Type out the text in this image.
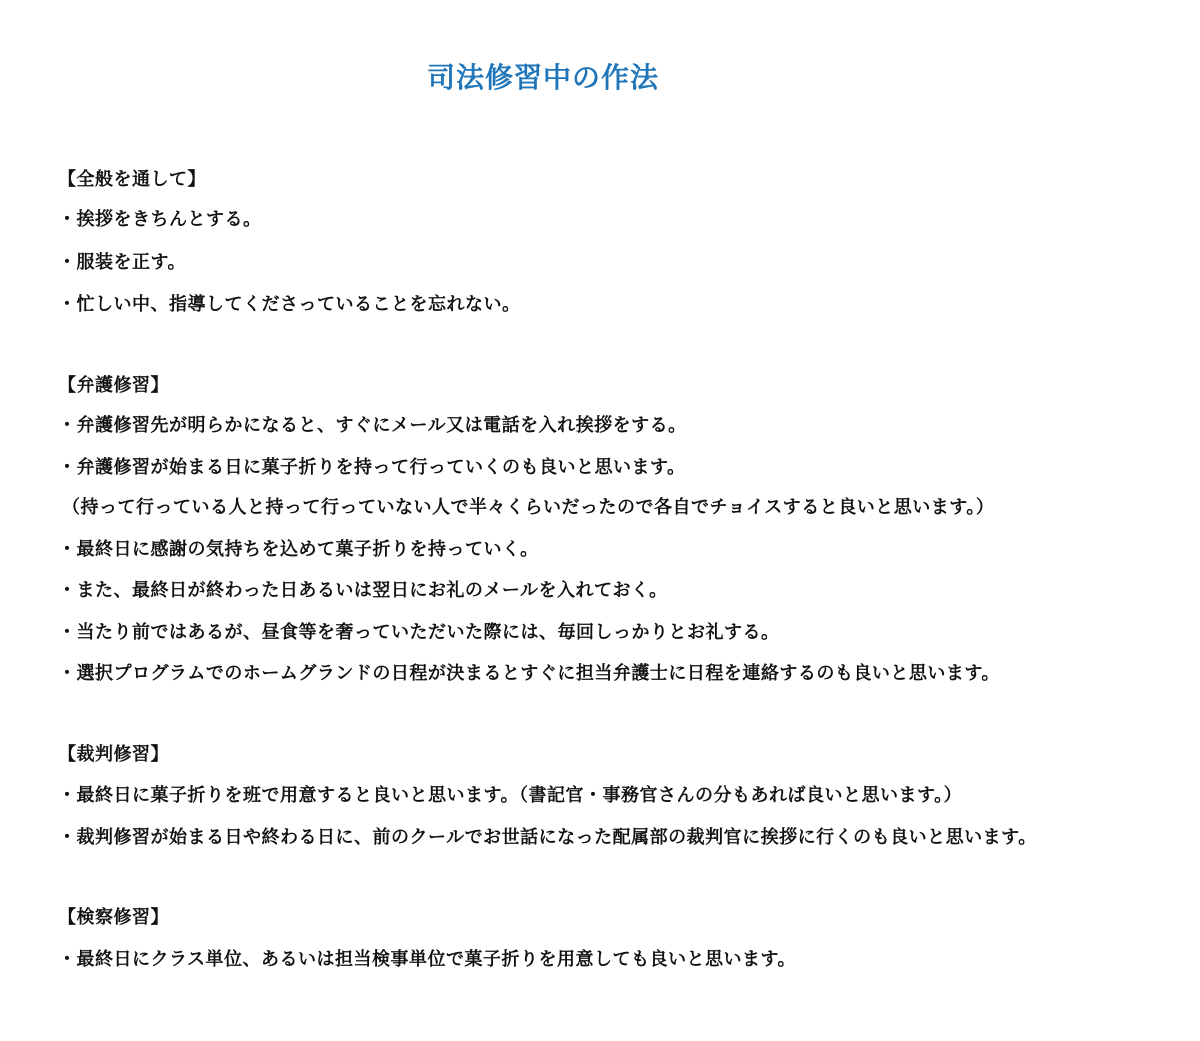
司法修習中の作法
【全般を通して】
・挨拶をきちんとする。
・服装を正す。
・忙しい中、指導してくださっていることを忘れない。
【弁護修習】
・弁護修習先が明らかになると、すぐにメール又は電話を入れ挨拶をする。
・弁護修習が始まる日に菓子折りを持って行っていくのも良いと思います。
（持って行っている人と持って行っていない人で半々くらいだったので各自でチョイスすると良いと思います。）
・最終日に感謝の気持ちを込めて菓子折りを持っていく。
・また、最終日が終わった日あるいは翌日にお礼のメールを入れておく。
・当たり前ではあるが、昼食等を奢っていただいた際には、毎回しっかりとお礼する。
・選択プログラムでのホームグランドの日程が決まるとすぐに担当弁護士に日程を連絡するのも良いと思います。
【裁判修習】
・最終日に菓子折りを班で用意すると良いと思います。（書記官・事務官さんの分もあれば良いと思います。）
・裁判修習が始まる日や終わる日に、前のクールでお世話になった配属部の裁判官に挨拶に行くのも良いと思います。
【検察修習】
・最終日にクラス単位、あるいは担当検事単位で菓子折りを用意しても良いと思います。
